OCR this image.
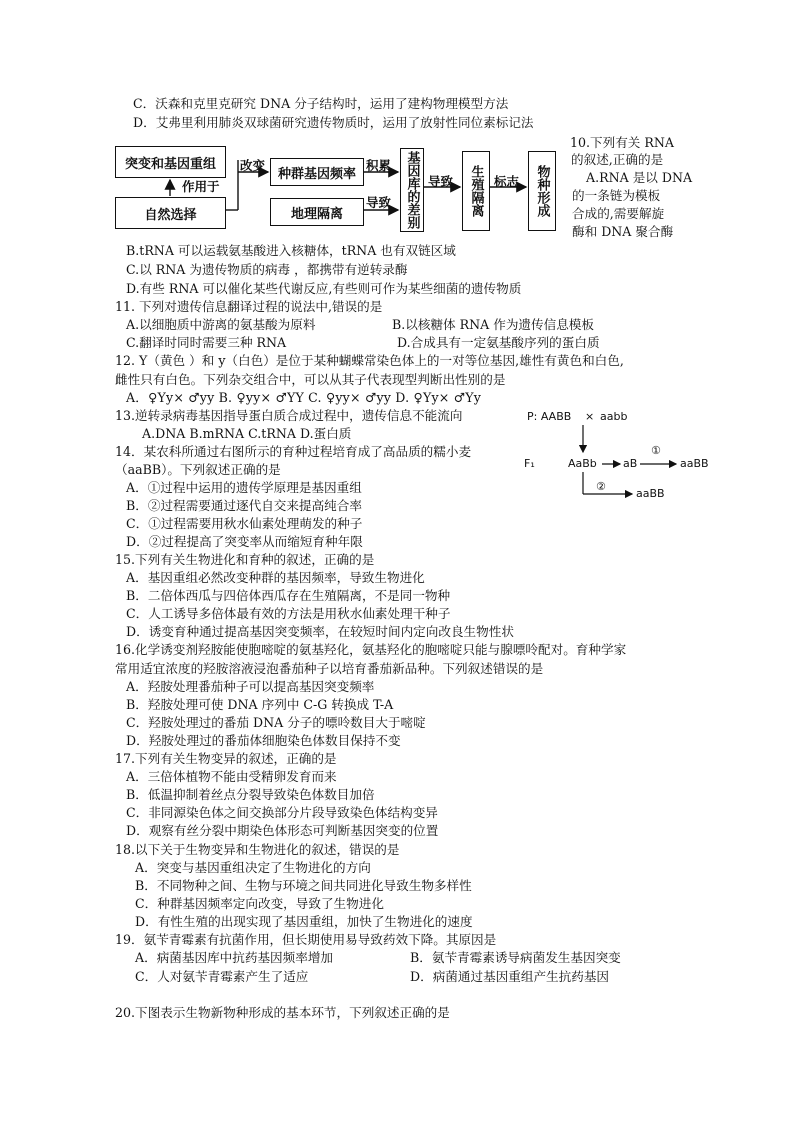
C．沃森和克里克研究 DNA 分子结构时，运用了建构物理模型方法
D．艾弗里利用肺炎双球菌研究遗传物质时，运用了放射性同位素标记法
突变和基因重组
自然选择
作用于
改变
种群基因频率
积累
地理隔离
导致	基因库的差别 导致	生殖隔离 标志	物种形成
10.下列有关 RNA
的叙述,正确的是
A.RNA 是以 DNA
的一条链为模板
合成的,需要解旋
酶和 DNA 聚合酶
B.tRNA 可以运载氨基酸进入核糖体，tRNA 也有双链区域
C.以 RNA 为遗传物质的病毒 ，都携带有逆转录酶
D.有些 RNA 可以催化某些代谢反应,有些则可作为某些细菌的遗传物质
11. 下列对遗传信息翻译过程的说法中,错误的是
A.以细胞质中游离的氨基酸为原料	B.以核糖体 RNA 作为遗传信息模板
C.翻译时同时需要三种 RNA	D.合成具有一定氨基酸序列的蛋白质
12. Y（黄色 ）和 y（白色）是位于某种蝴蝶常染色体上的一对等位基因,雄性有黄色和白色,
雌性只有白色。下列杂交组合中，可以从其子代表现型判断出性别的是
A．♀Yy× ♂yy B. ♀yy× ♂YY C. ♀yy× ♂yy D. ♀Yy× ♂Yy
13.逆转录病毒基因指导蛋白质合成过程中，遗传信息不能流向
A.DNA B.mRNA C.tRNA D.蛋白质
P: AABB × aabb
F₁	AaBb aB
①
aaBB
②
aaBB
14．某农科所通过右图所示的育种过程培育成了高品质的糯小麦
（aaBB）。下列叙述正确的是
A．①过程中运用的遗传学原理是基因重组
B．②过程需要通过逐代自交来提高纯合率
C．①过程需要用秋水仙素处理萌发的种子
D．②过程提高了突变率从而缩短育种年限
15.下列有关生物进化和育种的叙述，正确的是
A．基因重组必然改变种群的基因频率，导致生物进化
B．二倍体西瓜与四倍体西瓜存在生殖隔离，不是同一物种
C．人工诱导多倍体最有效的方法是用秋水仙素处理干种子
D．诱变育种通过提高基因突变频率，在较短时间内定向改良生物性状
16.化学诱变剂羟胺能使胞嘧啶的氨基羟化，氨基羟化的胞嘧啶只能与腺嘌呤配对。育种学家
常用适宜浓度的羟胺溶液浸泡番茄种子以培育番茄新品种。下列叙述错误的是
A．羟胺处理番茄种子可以提高基因突变频率
B．羟胺处理可使 DNA 序列中 C-G 转换成 T-A
C．羟胺处理过的番茄 DNA 分子的嘌呤数目大于嘧啶
D．羟胺处理过的番茄体细胞染色体数目保持不变
17.下列有关生物变异的叙述，正确的是
A．三倍体植物不能由受精卵发育而来
B．低温抑制着丝点分裂导致染色体数目加倍
C．非同源染色体之间交换部分片段导致染色体结构变异
D．观察有丝分裂中期染色体形态可判断基因突变的位置
18.以下关于生物变异和生物进化的叙述，错误的是
A．突变与基因重组决定了生物进化的方向
B．不同物种之间、生物与环境之间共同进化导致生物多样性
C．种群基因频率定向改变，导致了生物进化
D．有性生殖的出现实现了基因重组，加快了生物进化的速度
19．氨苄青霉素有抗菌作用，但长期使用易导致药效下降。其原因是
A．病菌基因库中抗药基因频率增加	B．氨苄青霉素诱导病菌发生基因突变
C．人对氨苄青霉素产生了适应	D．病菌通过基因重组产生抗药基因
20.下图表示生物新物种形成的基本环节，下列叙述正确的是
